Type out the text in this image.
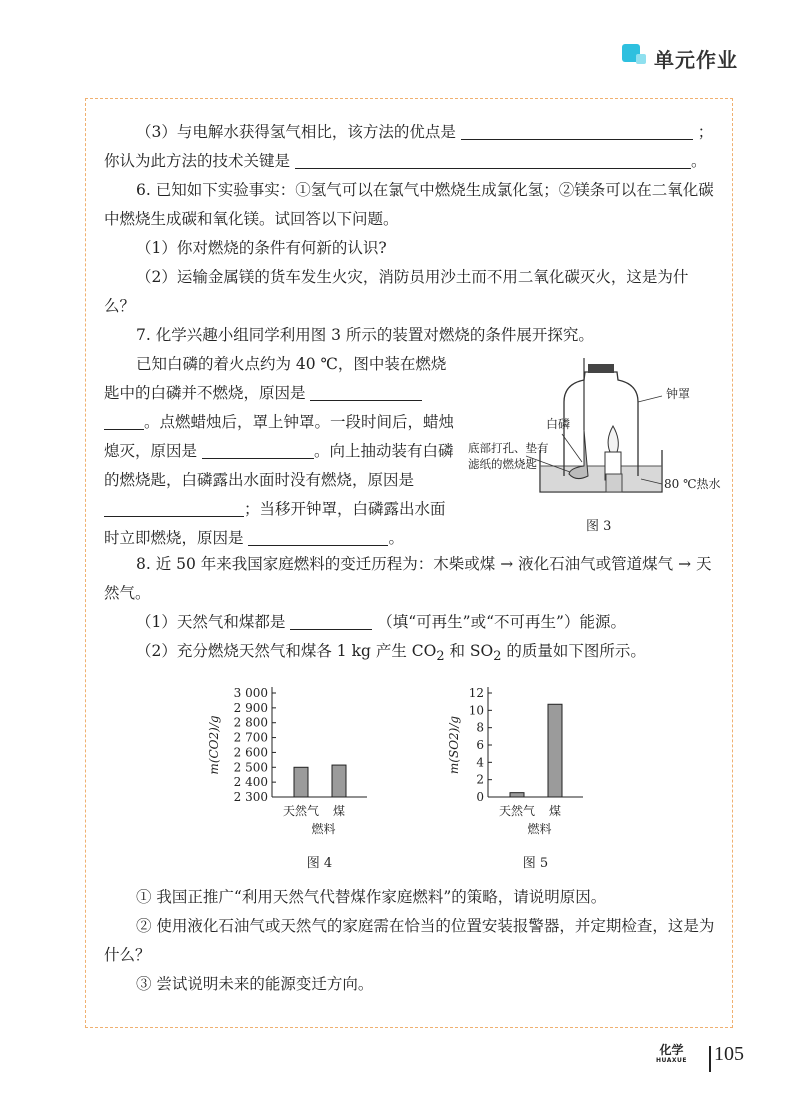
单元作业

（3）与电解水获得氢气相比，该方法的优点是	；

你认为此方法的技术关键是	。

6. 已知如下实验事实：①氢气可以在氯气中燃烧生成氯化氢；②镁条可以在二氧化碳中燃烧生成碳和氧化镁。试回答以下问题。

（1）你对燃烧的条件有何新的认识?

（2）运输金属镁的货车发生火灾，消防员用沙土而不用二氧化碳灭火，这是为什么？

7. 化学兴趣小组同学利用图 3 所示的装置对燃烧的条件展开探究。

已知白磷的着火点约为 40 ℃，图中装在燃烧匙中的白磷并不燃烧，原因是
。点燃蜡烛后，罩上钟罩。一段时间后，蜡烛熄灭，原因是	。向上抽动装有白磷的燃烧匙，白磷露出水面时没有燃烧，原因是 ；当移开钟罩，白磷露出水面时立即燃烧，原因是	。

钟罩
白磷
底部打孔、垫有
滤纸的燃烧匙
80 ℃热水
图 3

8. 近 50 年来我国家庭燃料的变迁历程为：木柴或煤 → 液化石油气或管道煤气 → 天然气。

（1）天然气和煤都是	（填“可再生”或“不可再生”）能源。

（2）充分燃烧天然气和煤各 1 kg 产生 $CO_2$ 和 $SO_2$ 的质量如下图所示。

2 300
2 400
2 500
2 600
2 700
2 800
2 900
3 000
天然气 煤
燃料
m(CO2)/g
图 4
0
2
4
6
8
10
12
天然气 煤
燃料
m(SO2)/g
图 5

① 我国正推广“利用天然气代替煤作家庭燃料”的策略，请说明原因。

② 使用液化石油气或天然气的家庭需在恰当的位置安装报警器，并定期检查，这是为什么？

③ 尝试说明未来的能源变迁方向。

化学
HUAXUE 105
